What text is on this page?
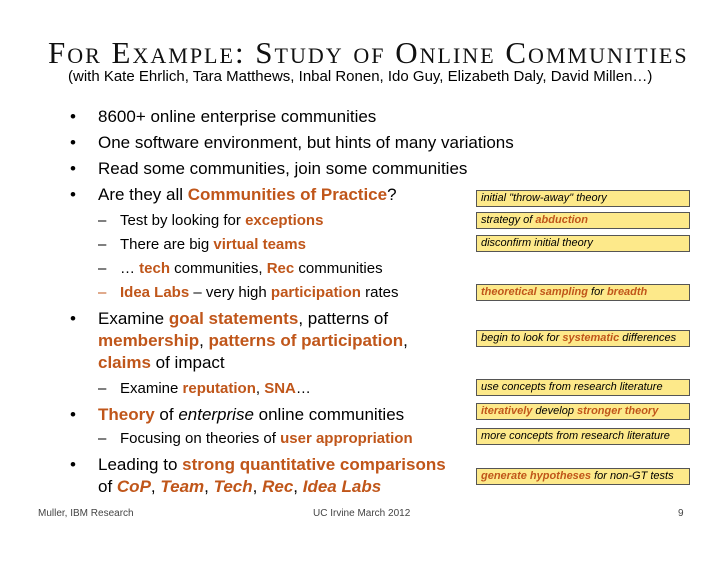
For Example: Study of Online Communities
(with Kate Ehrlich, Tara Matthews, Inbal Ronen, Ido Guy, Elizabeth Daly, David Millen…)
• 8600+ online enterprise communities
• One software environment, but hints of many variations
• Read some communities, join some communities
• Are they all Communities of Practice?
– Test by looking for exceptions
– There are big virtual teams
– … tech communities, Rec communities
– Idea Labs – very high participation rates
• Examine goal statements, patterns of
membership, patterns of participation,
claims of impact
– Examine reputation, SNA…
• Theory of enterprise online communities
– Focusing on theories of user appropriation
• Leading to strong quantitative comparisons
of CoP, Team, Tech, Rec, Idea Labs
initial "throw-away" theory
strategy of abduction
disconfirm initial theory
theoretical sampling for breadth
begin to look for systematic differences
use concepts from research literature
iteratively develop stronger theory
more concepts from research literature
generate hypotheses for non-GT tests
Muller, IBM Research	UC Irvine March 2012	9
